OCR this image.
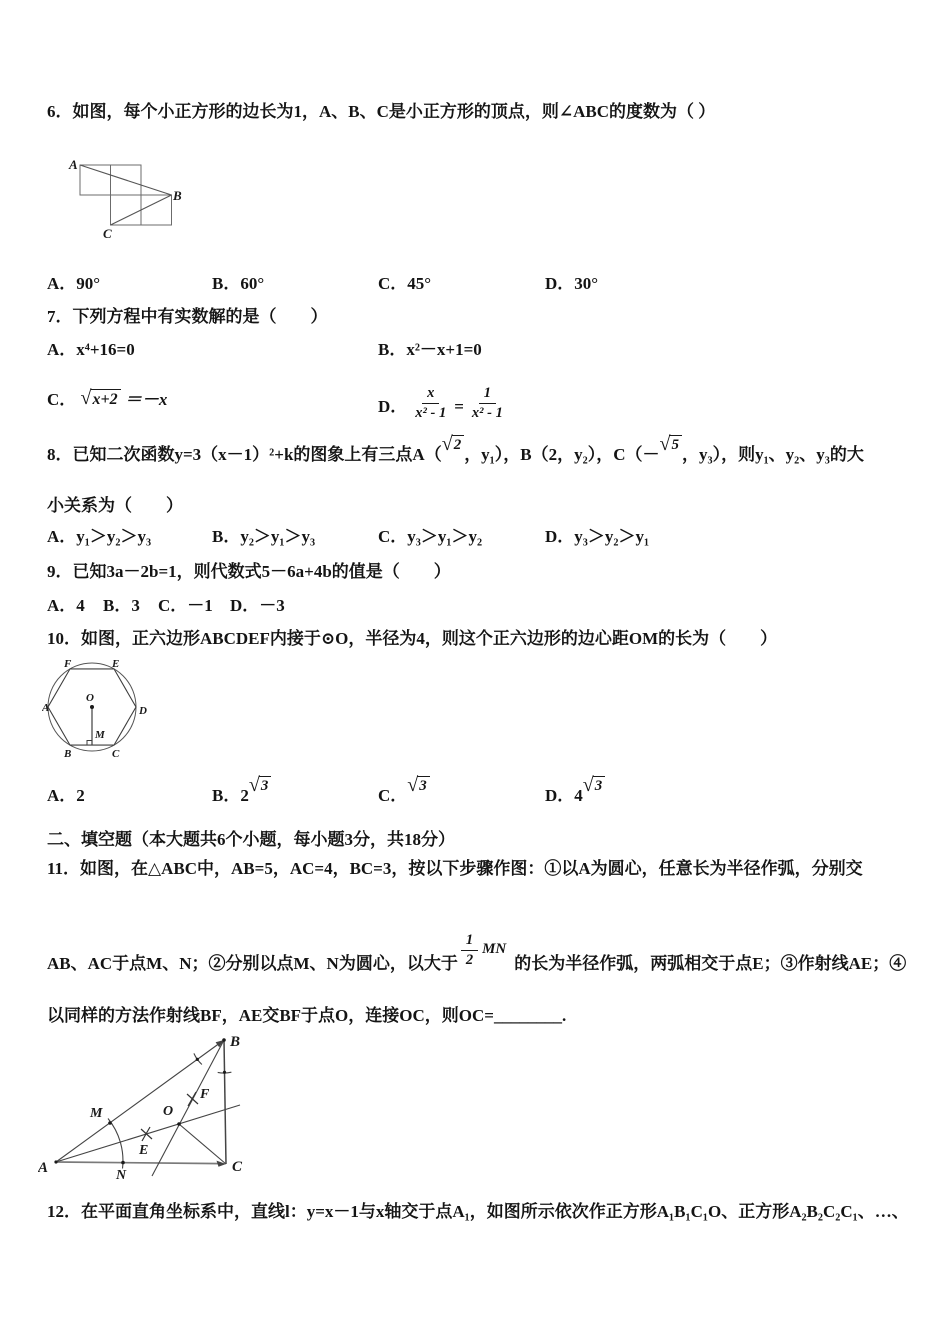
6．如图，每个小正方形的边长为1，A、B、C是小正方形的顶点，则∠ABC的度数为（ ）
A
B
C
A．90°	B．60°	C．45°	D．30°
7．下列方程中有实数解的是（　　）
A．x⁴+16=0	B．x²－x+1=0
C． √ x+2 ＝－x	D． $\frac{x}{\text{x² - 1}} = \frac{1}{\text{x² - 1}}$
8．已知二次函数y=3（x－1）²+k的图象上有三点A（ √ 2 ，y₁），B（2，y₂），C（－ √ 5 ，y₃），则y₁、y₂、y₃的大
小关系为（　　）
A．y₁＞y₂＞y₃	B．y₂＞y₁＞y₃	C．y₃＞y₁＞y₂	D．y₃＞y₂＞y₁
9．已知3a－2b=1，则代数式5－6a+4b的值是（　　）
A．4 B．3 C．－1 D．－3
10．如图，正六边形ABCDEF内接于⊙O，半径为4，则这个正六边形的边心距OM的长为（　　）
O
M
F	E
A	D
B	C
A．2	B．2 √ 3	C． √ 3	D．4 √ 3
二、填空题（本大题共6个小题，每小题3分，共18分）
11．如图，在△ABC中，AB=5，AC=4，BC=3，按以下步骤作图：①以A为圆心，任意长为半径作弧，分别交
AB、AC于点M、N；②分别以点M、N为圆心，以大于 $\frac{1}{2}$ MN的长为半径作弧，两弧相交于点E；③作射线AE；④
以同样的方法作射线BF，AE交BF于点O，连接OC，则OC=________.
A
B
C
M
N
E
O
F
12．在平面直角坐标系中，直线l：y=x－1与x轴交于点A₁，如图所示依次作正方形A₁B₁C₁O、正方形A₂B₂C₂C₁、…、
